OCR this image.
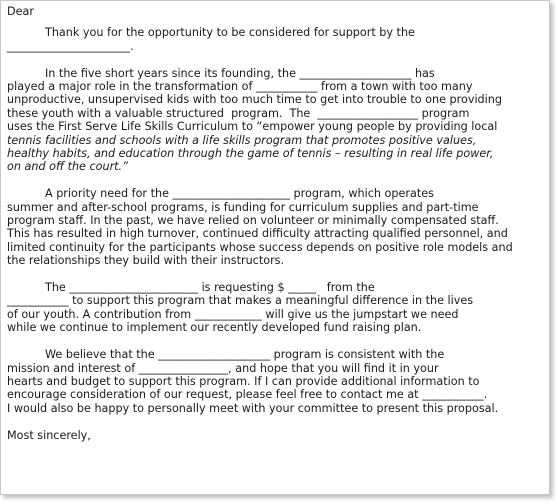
Dear

Thank you for the opportunity to be considered for support by the

______________________.

In the five short years since its founding, the ____________________ has

played a major role in the transformation of ___________ from a town with too many

unproductive, unsupervised kids with too much time to get into trouble to one providing

these youth with a valuable structured  program.  The  __________________ program

uses the First Serve Life Skills Curriculum to “empower young people by providing local

tennis facilities and schools with a life skills program that promotes positive values,

healthy habits, and education through the game of tennis – resulting in real life power,

on and off the court.”

A priority need for the _____________________ program, which operates

summer and after-school programs, is funding for curriculum supplies and part-time

program staff. In the past, we have relied on volunteer or minimally compensated staff.

This has resulted in high turnover, continued difficulty attracting qualified personnel, and

limited continuity for the participants whose success depends on positive role models and

the relationships they build with their instructors.

The _______________________ is requesting $ _____   from the

___________ to support this program that makes a meaningful difference in the lives

of our youth. A contribution from ____________ will give us the jumpstart we need

while we continue to implement our recently developed fund raising plan.

We believe that the ____________________ program is consistent with the

mission and interest of ________________, and hope that you will find it in your

hearts and budget to support this program. If I can provide additional information to

encourage consideration of our request, please feel free to contact me at ___________.

I would also be happy to personally meet with your committee to present this proposal.

Most sincerely,
